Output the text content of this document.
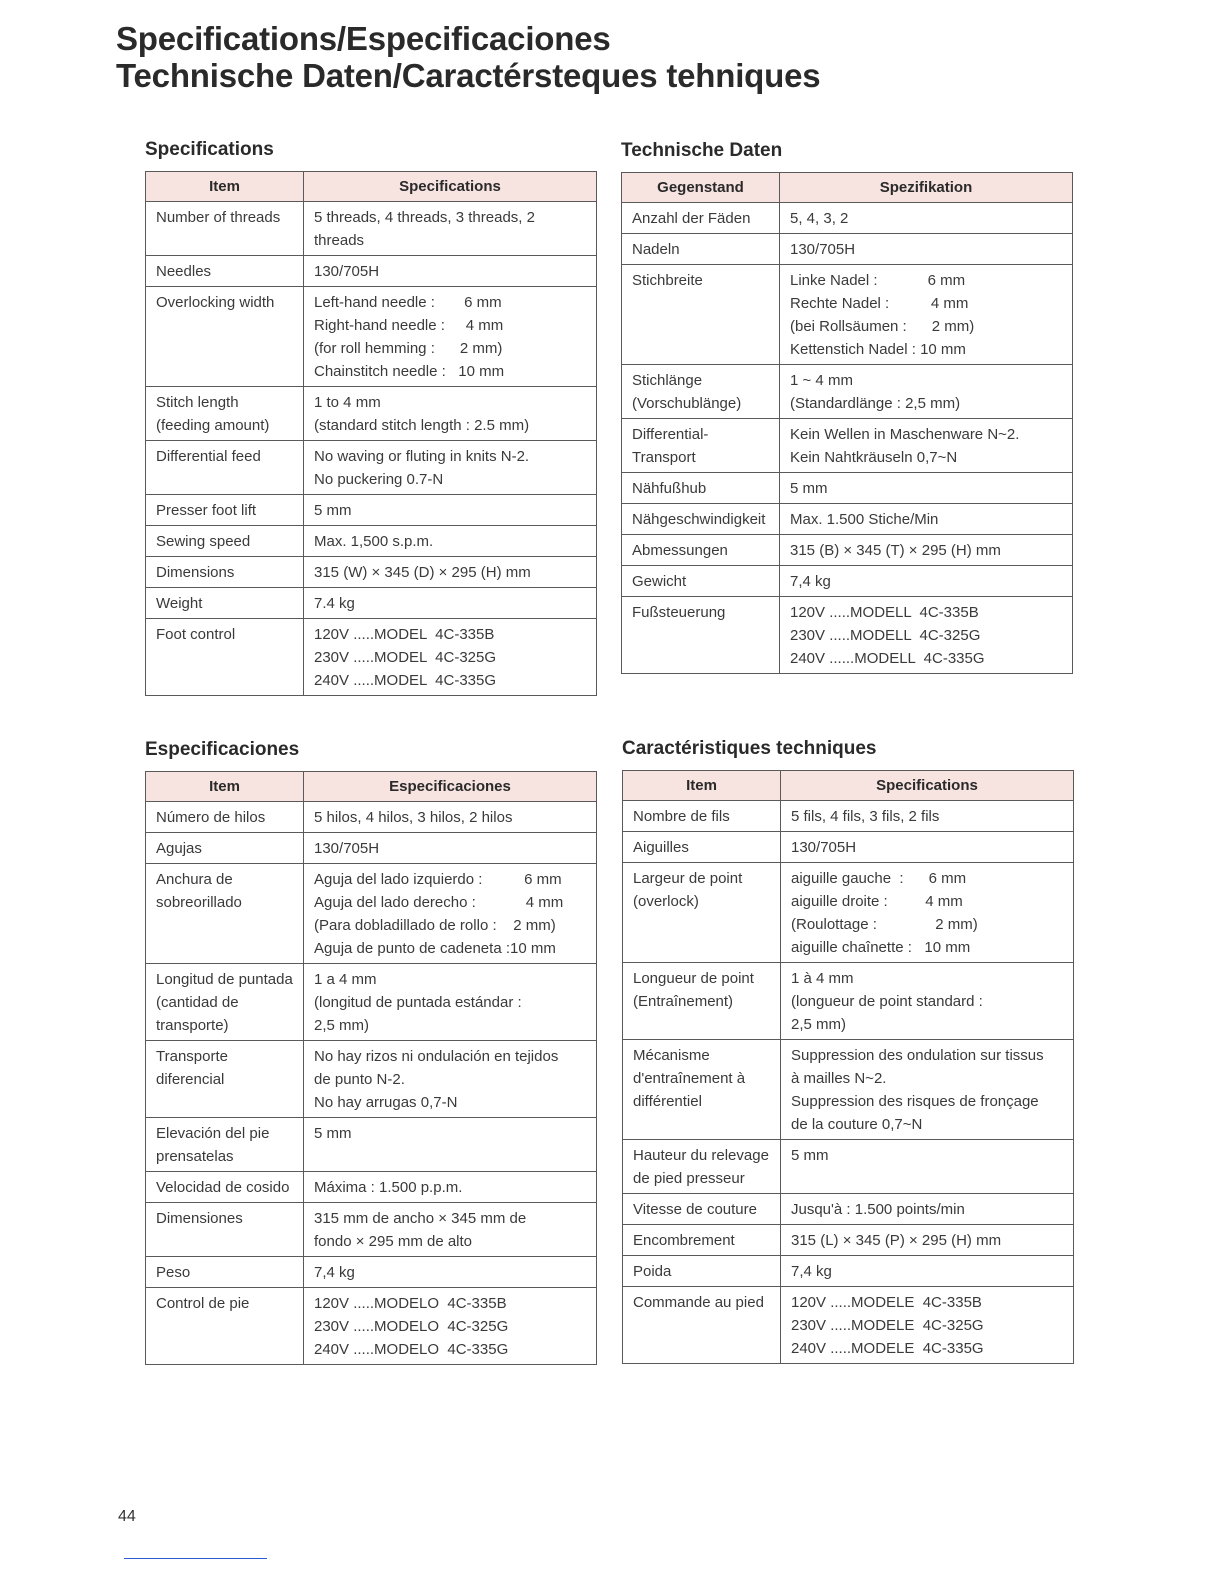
Specifications/Especificaciones
Technische Daten/Caractérsteques tehniques
Specifications
Item	Specifications

Number of threads	5 threads, 4 threads, 3 threads, 2 threads

Needles	130/705H

Overlocking width	Left-hand needle :       6 mm
Right-hand needle :     4 mm
(for roll hemming :      2 mm)
Chainstitch needle :   10 mm

Stitch length
(feeding amount)	1 to 4 mm
(standard stitch length : 2.5 mm)

Differential feed	No waving or fluting in knits N-2.
No puckering 0.7-N

Presser foot lift	5 mm

Sewing speed	Max. 1,500 s.p.m.

Dimensions	315 (W) × 345 (D) × 295 (H) mm

Weight	7.4 kg

Foot control	120V .....MODEL  4C-335B
230V .....MODEL  4C-325G
240V .....MODEL  4C-335G
Technische Daten
Gegenstand	Spezifikation

Anzahl der Fäden	5, 4, 3, 2

Nadeln	130/705H

Stichbreite	Linke Nadel :            6 mm
Rechte Nadel :          4 mm
(bei Rollsäumen :      2 mm)
Kettenstich Nadel : 10 mm

Stichlänge
(Vorschublänge)	1 ~ 4 mm
(Standardlänge : 2,5 mm)

Differential-
Transport	Kein Wellen in Maschenware N~2.
Kein Nahtkräuseln 0,7~N

Nähfußhub	5 mm

Nähgeschwindigkeit	Max. 1.500 Stiche/Min

Abmessungen	315 (B) × 345 (T) × 295 (H) mm

Gewicht	7,4 kg

Fußsteuerung	120V .....MODELL  4C-335B
230V .....MODELL  4C-325G
240V ......MODELL  4C-335G
Especificaciones
Item	Especificaciones

Número de hilos	5 hilos, 4 hilos, 3 hilos, 2 hilos

Agujas	130/705H

Anchura de
sobreorillado	Aguja del lado izquierdo :          6 mm
Aguja del lado derecho :            4 mm
(Para dobladillado de rollo :    2 mm)
Aguja de punto de cadeneta :10 mm

Longitud de puntada
(cantidad de
transporte)	1 a 4 mm
(longitud de puntada estándar :
2,5 mm)

Transporte
diferencial	No hay rizos ni ondulación en tejidos
de punto N-2.
No hay arrugas 0,7-N

Elevación del pie
prensatelas	5 mm

Velocidad de cosido	Máxima : 1.500 p.p.m.

Dimensiones	315 mm de ancho × 345 mm de
fondo × 295 mm de alto

Peso	7,4 kg

Control de pie	120V .....MODELO  4C-335B
230V .....MODELO  4C-325G
240V .....MODELO  4C-335G
Caractéristiques techniques
Item	Specifications

Nombre de fils	5 fils, 4 fils, 3 fils, 2 fils

Aiguilles	130/705H

Largeur de point
(overlock)	aiguille gauche  :      6 mm
aiguille droite :         4 mm
(Roulottage :              2 mm)
aiguille chaînette :   10 mm

Longueur de point
(Entraînement)	1 à 4 mm
(longueur de point standard :
2,5 mm)

Mécanisme
d'entraînement à
différentiel	Suppression des ondulation sur tissus
à mailles N~2.
Suppression des risques de fronçage
de la couture 0,7~N

Hauteur du relevage
de pied presseur	5 mm

Vitesse de couture	Jusqu'à : 1.500 points/min

Encombrement	315 (L) × 345 (P) × 295 (H) mm

Poida	7,4 kg

Commande au pied	120V .....MODELE  4C-335B
230V .....MODELE  4C-325G
240V .....MODELE  4C-335G
44
